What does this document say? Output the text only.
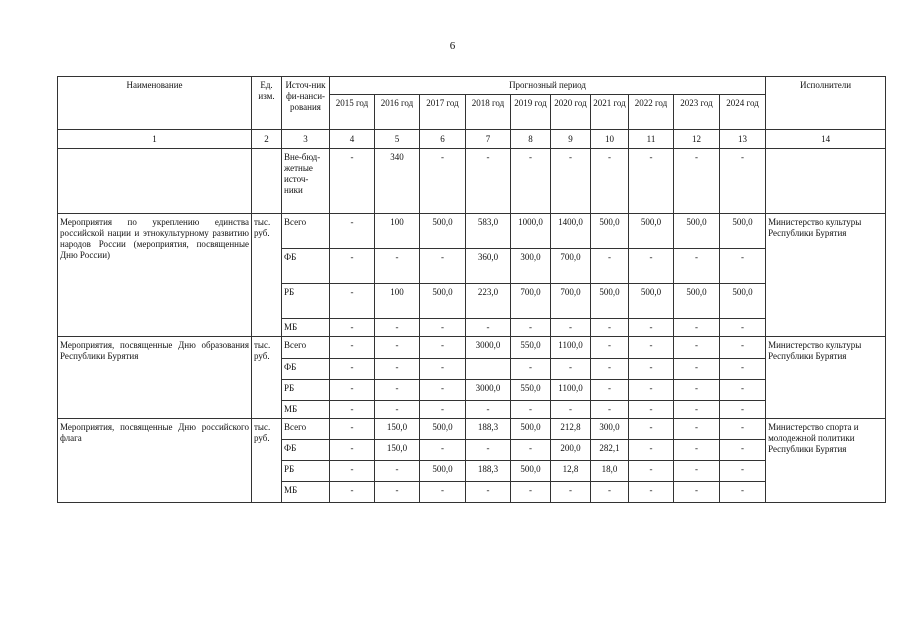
6
Наименование	Ед. изм.	Источ-ник фи-нанси-рования	Прогнозный период										Исполнители
			2015 год	2016 год	2017 год	2018 год	2019 год	2020 год	2021 год	2022 год	2023 год	2024 год	
1	2	3	4	5	6	7	8	9	10	11	12	13	14
		Вне-бюд-жетные источ-ники	-	340	-	-	-	-	-	-	-	-	
Мероприятия по укреплению единства российской нации и этнокультурному развитию народов России (мероприятия, посвященные Дню России)	тыс. руб.	Всего	-	100	500,0	583,0	1000,0	1400,0	500,0	500,0	500,0	500,0	Министерство культуры Республики Бурятия
		ФБ	-	-	-	360,0	300,0	700,0	-	-	-	-	
		РБ	-	100	500,0	223,0	700,0	700,0	500,0	500,0	500,0	500,0	
		МБ	-	-	-	-	-	-	-	-	-	-	
Мероприятия, посвященные Дню образования Республики Бурятия	тыс. руб.	Всего	-	-	-	3000,0	550,0	1100,0	-	-	-	-	Министерство культуры Республики Бурятия
		ФБ	-	-	-		-	-	-	-	-	-	
		РБ	-	-	-	3000,0	550,0	1100,0	-	-	-	-	
		МБ	-	-	-	-	-	-	-	-	-	-	
Мероприятия, посвященные Дню российского флага	тыс. руб.	Всего	-	150,0	500,0	188,3	500,0	212,8	300,0	-	-	-	Министерство спорта и молодежной политики Республики Бурятия
		ФБ	-	150,0	-	-	-	200,0	282,1	-	-	-	
		РБ	-	-	500,0	188,3	500,0	12,8	18,0	-	-	-	
		МБ	-	-	-	-	-	-	-	-	-	-	
